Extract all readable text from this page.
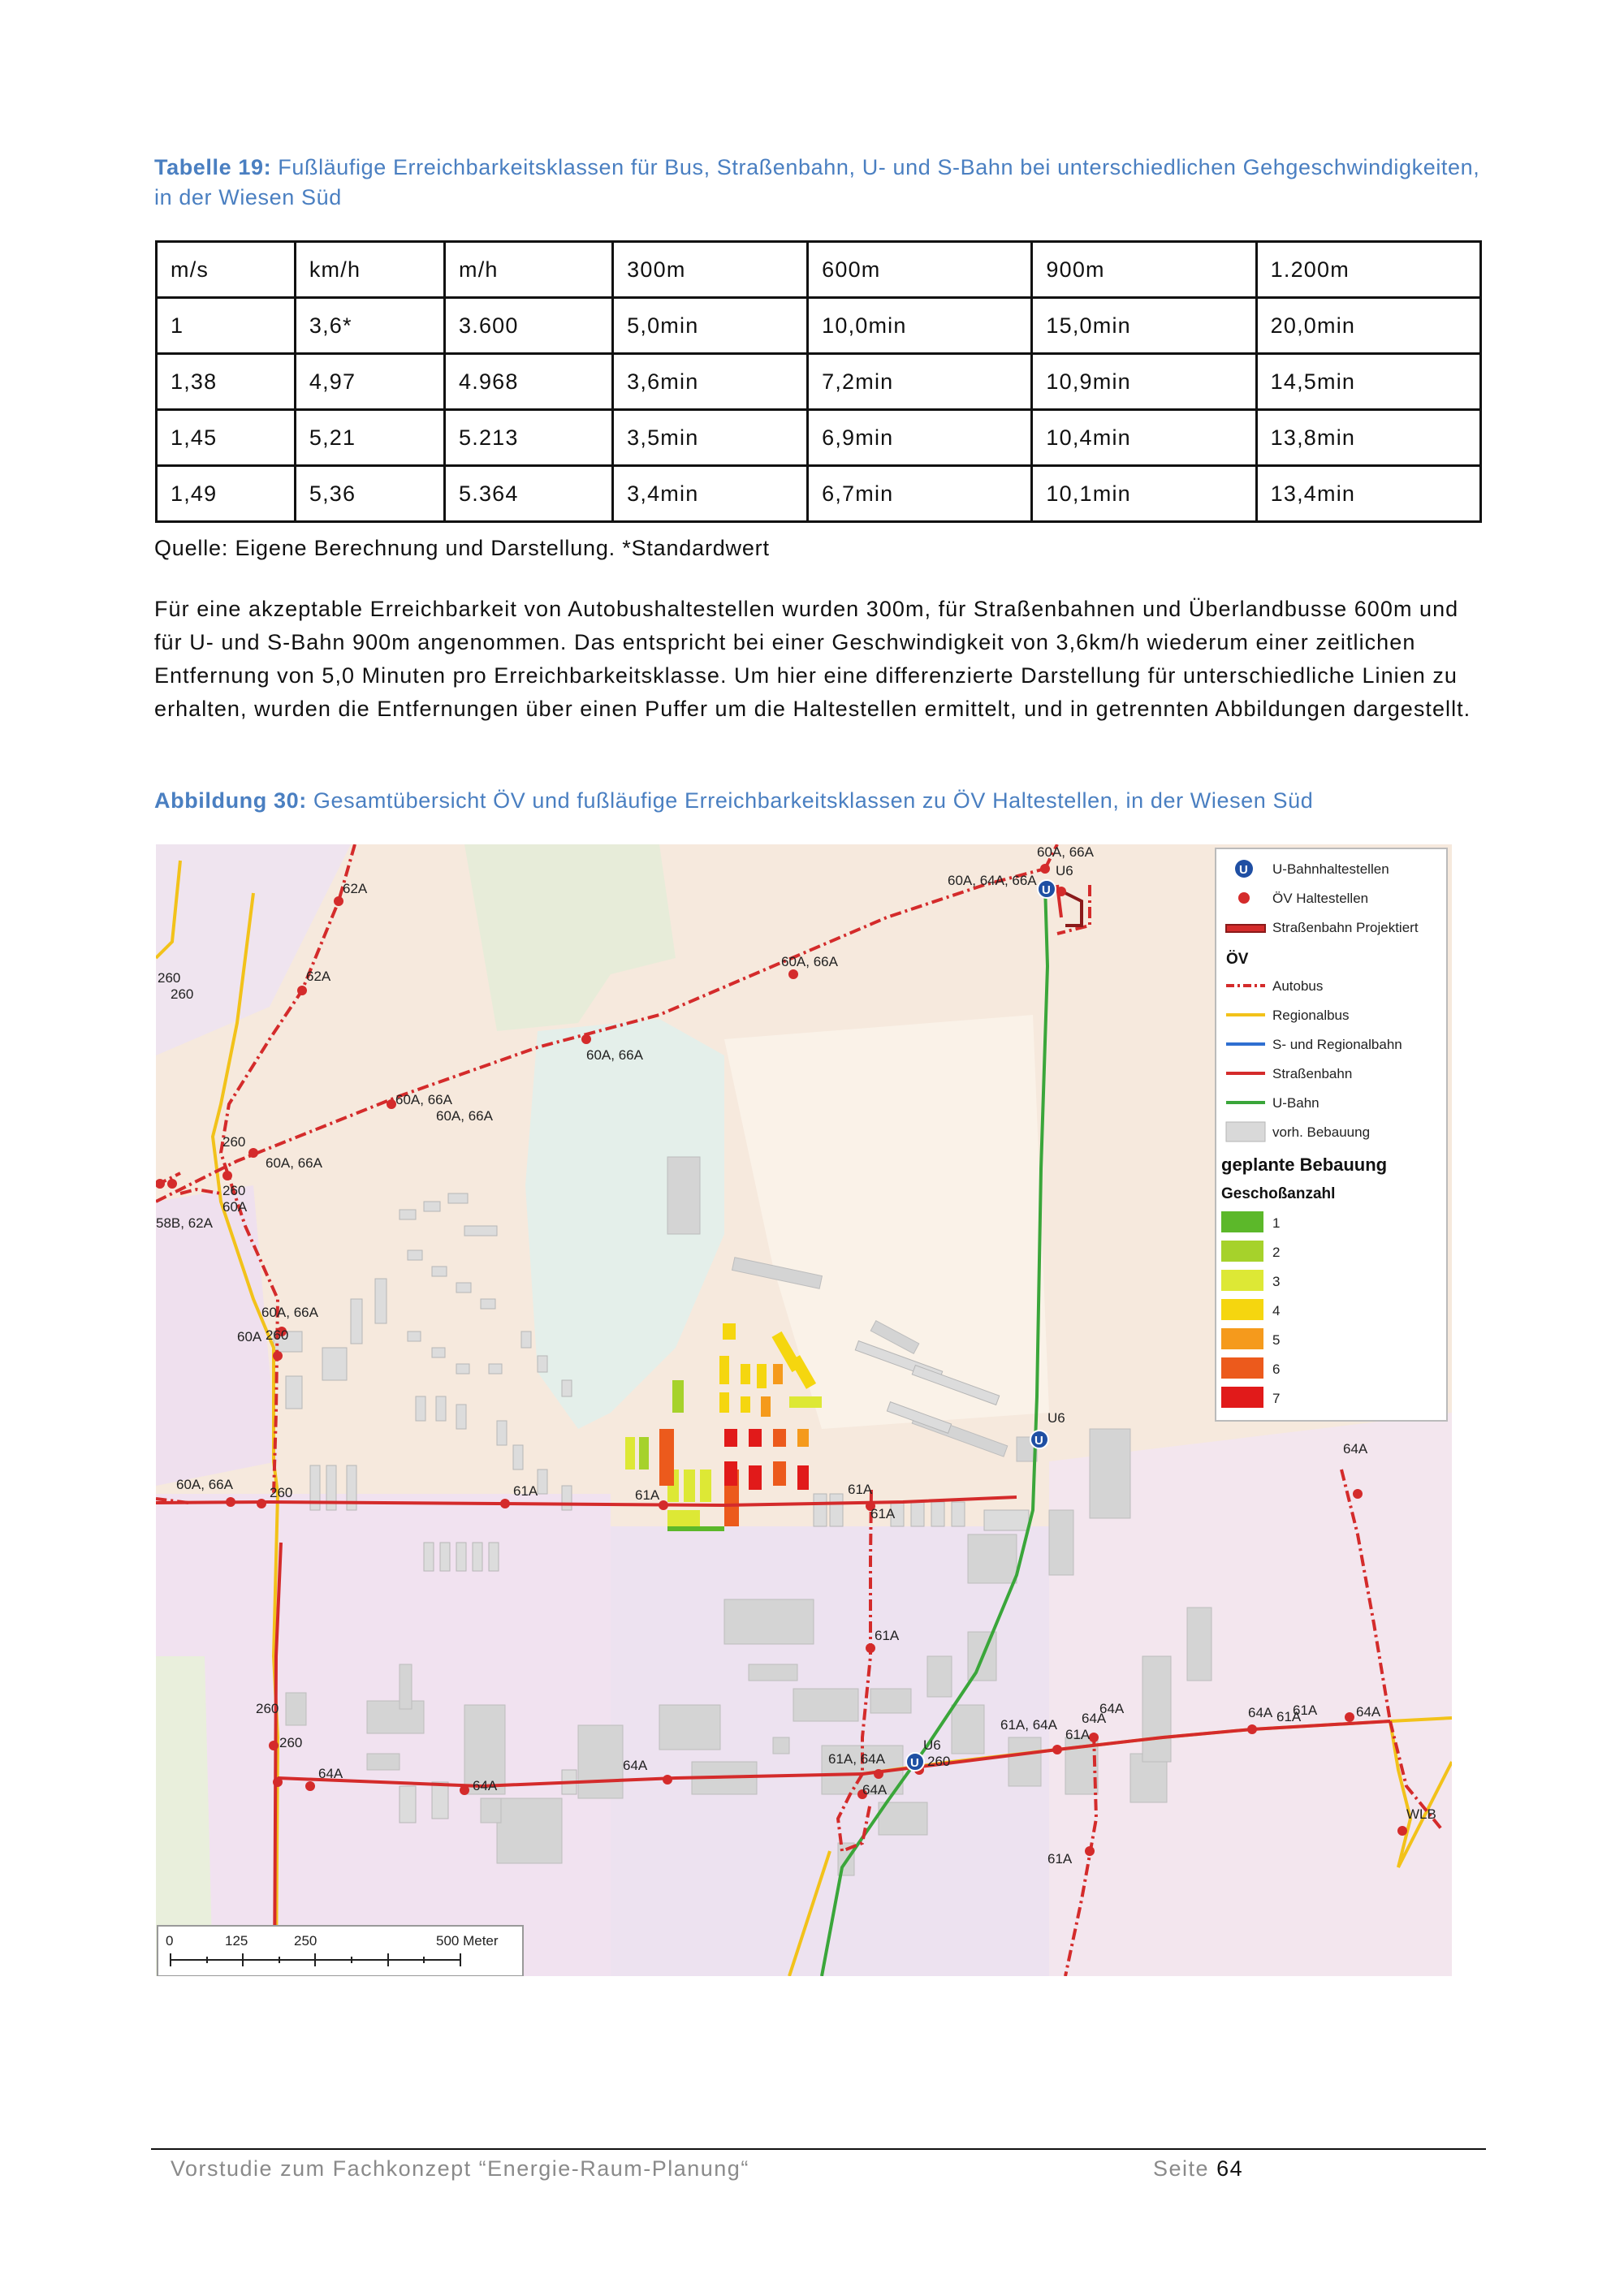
Tabelle 19: Fußläufige Erreichbarkeitsklassen für Bus, Straßenbahn, U- und S-Bahn bei unterschiedlichen Gehgeschwindigkeiten, in der Wiesen Süd
m/s	km/h	m/h	300m	600m	900m	1.200m
1	3,6*	3.600	5,0min	10,0min	15,0min	20,0min
1,38	4,97	4.968	3,6min	7,2min	10,9min	14,5min
1,45	5,21	5.213	3,5min	6,9min	10,4min	13,8min
1,49	5,36	5.364	3,4min	6,7min	10,1min	13,4min
Quelle: Eigene Berechnung und Darstellung. *Standardwert
Für eine akzeptable Erreichbarkeit von Autobushaltestellen wurden 300m, für Straßenbahnen und Überlandbusse 600m und für U- und S-Bahn 900m angenommen. Das entspricht bei einer Geschwindigkeit von 3,6km/h wiederum einer zeitlichen Entfernung von 5,0 Minuten pro Erreichbarkeitsklasse. Um hier eine differenzierte Darstellung für unterschiedliche Linien zu erhalten, wurden die Entfernungen über einen Puffer um die Haltestellen ermittelt, und in getrennten Abbildungen dargestellt.
Abbildung 30: Gesamtübersicht ÖV und fußläufige Erreichbarkeitsklassen zu ÖV Haltestellen, in der Wiesen Süd
U
U
U
60A, 66A
60A, 64A, 66A
U6
62A
260
260
62A
60A, 66A
60A, 66A
60A, 66A
60A, 66A
60A, 66A
260
260
60A
58B, 62A
60A, 66A
60A 260
60A, 66A
64A
260
U6
61A	61A	61A
61A
61A
61A
64A
64A
64A
64A
64A
61A, 64A
64A
61A
61A, 64A
U6
260
64A
WLB
61A
61A
64A
260
260
U U-Bahnhaltestellen
ÖV Haltestellen
Straßenbahn Projektiert
ÖV
Autobus
Regionalbus
S- und Regionalbahn
Straßenbahn
U-Bahn
vorh. Bebauung
geplante Bebauung
Geschoßanzahl
1
2
3
4
5
6
7
0	125	250	500 Meter
Vorstudie zum Fachkonzept “Energie-Raum-Planung“	Seite 64
